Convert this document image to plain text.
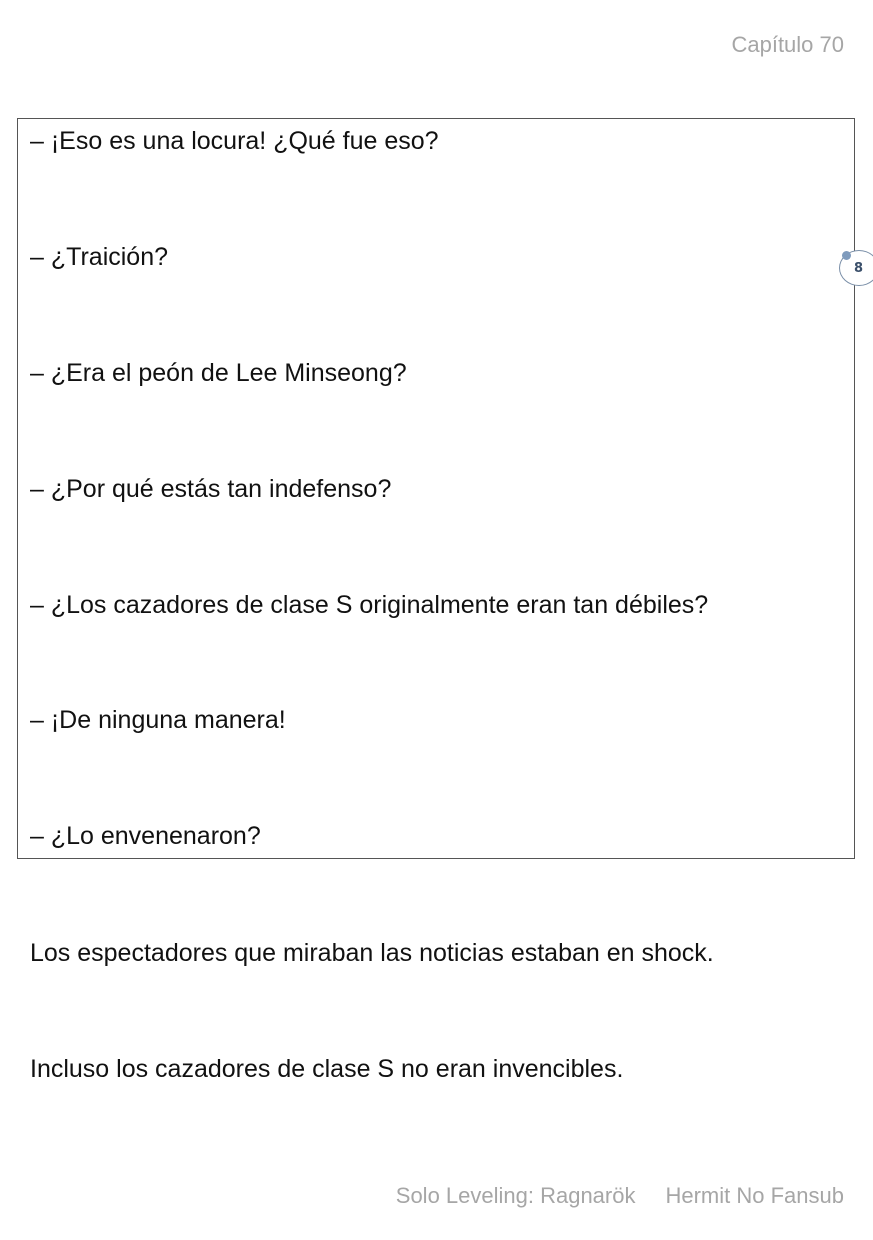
Capítulo 70
– ¡Eso es una locura! ¿Qué fue eso?
– ¿Traición?
– ¿Era el peón de Lee Minseong?
– ¿Por qué estás tan indefenso?
– ¿Los cazadores de clase S originalmente eran tan débiles?
– ¡De ninguna manera!
– ¿Lo envenenaron?
8
Los espectadores que miraban las noticias estaban en shock.
Incluso los cazadores de clase S no eran invencibles.
Solo Leveling: Ragnarök Hermit No Fansub
